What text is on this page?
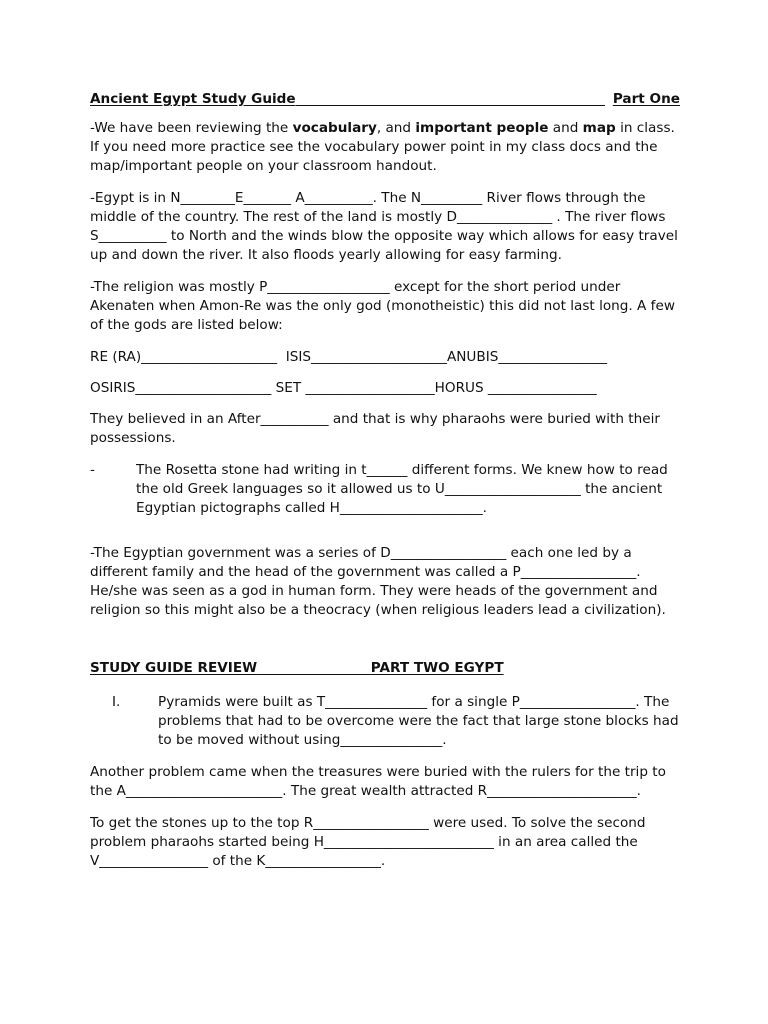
Ancient Egypt Study Guide	Part One

-We have been reviewing the vocabulary, and important people and map in class. If you need more practice see the vocabulary power point in my class docs and the map/important people on your classroom handout.

-Egypt is in N________E_______ A__________. The N_________ River flows through the middle of the country. The rest of the land is mostly D______________ . The river flows S__________ to North and the winds blow the opposite way which allows for easy travel up and down the river. It also floods yearly allowing for easy farming.

-The religion was mostly P__________________ except for the short period under Akenaten when Amon-Re was the only god (monotheistic) this did not last long. A few of the gods are listed below:

RE (RA)____________________  ISIS____________________ANUBIS________________
OSIRIS____________________ SET ___________________HORUS ________________

They believed in an After__________ and that is why pharaohs were buried with their possessions.

-	The Rosetta stone had writing in t______ different forms. We knew how to read the old Greek languages so it allowed us to U____________________ the ancient Egyptian pictographs called H_____________________.

-The Egyptian government was a series of D_________________ each one led by a different family and the head of the government was called a P_________________. He/she was seen as a god in human form. They were heads of the government and religion so this might also be a theocracy (when religious leaders lead a civilization).

STUDY GUIDE REVIEW	PART TWO EGYPT
I.	Pyramids were built as T_______________ for a single P_________________. The problems that had to be overcome were the fact that large stone blocks had to be moved without using_______________.

Another problem came when the treasures were buried with the rulers for the trip to the A_______________________. The great wealth attracted R______________________.

To get the stones up to the top R_________________ were used. To solve the second problem pharaohs started being H_________________________ in an area called the V________________ of the K_________________.
